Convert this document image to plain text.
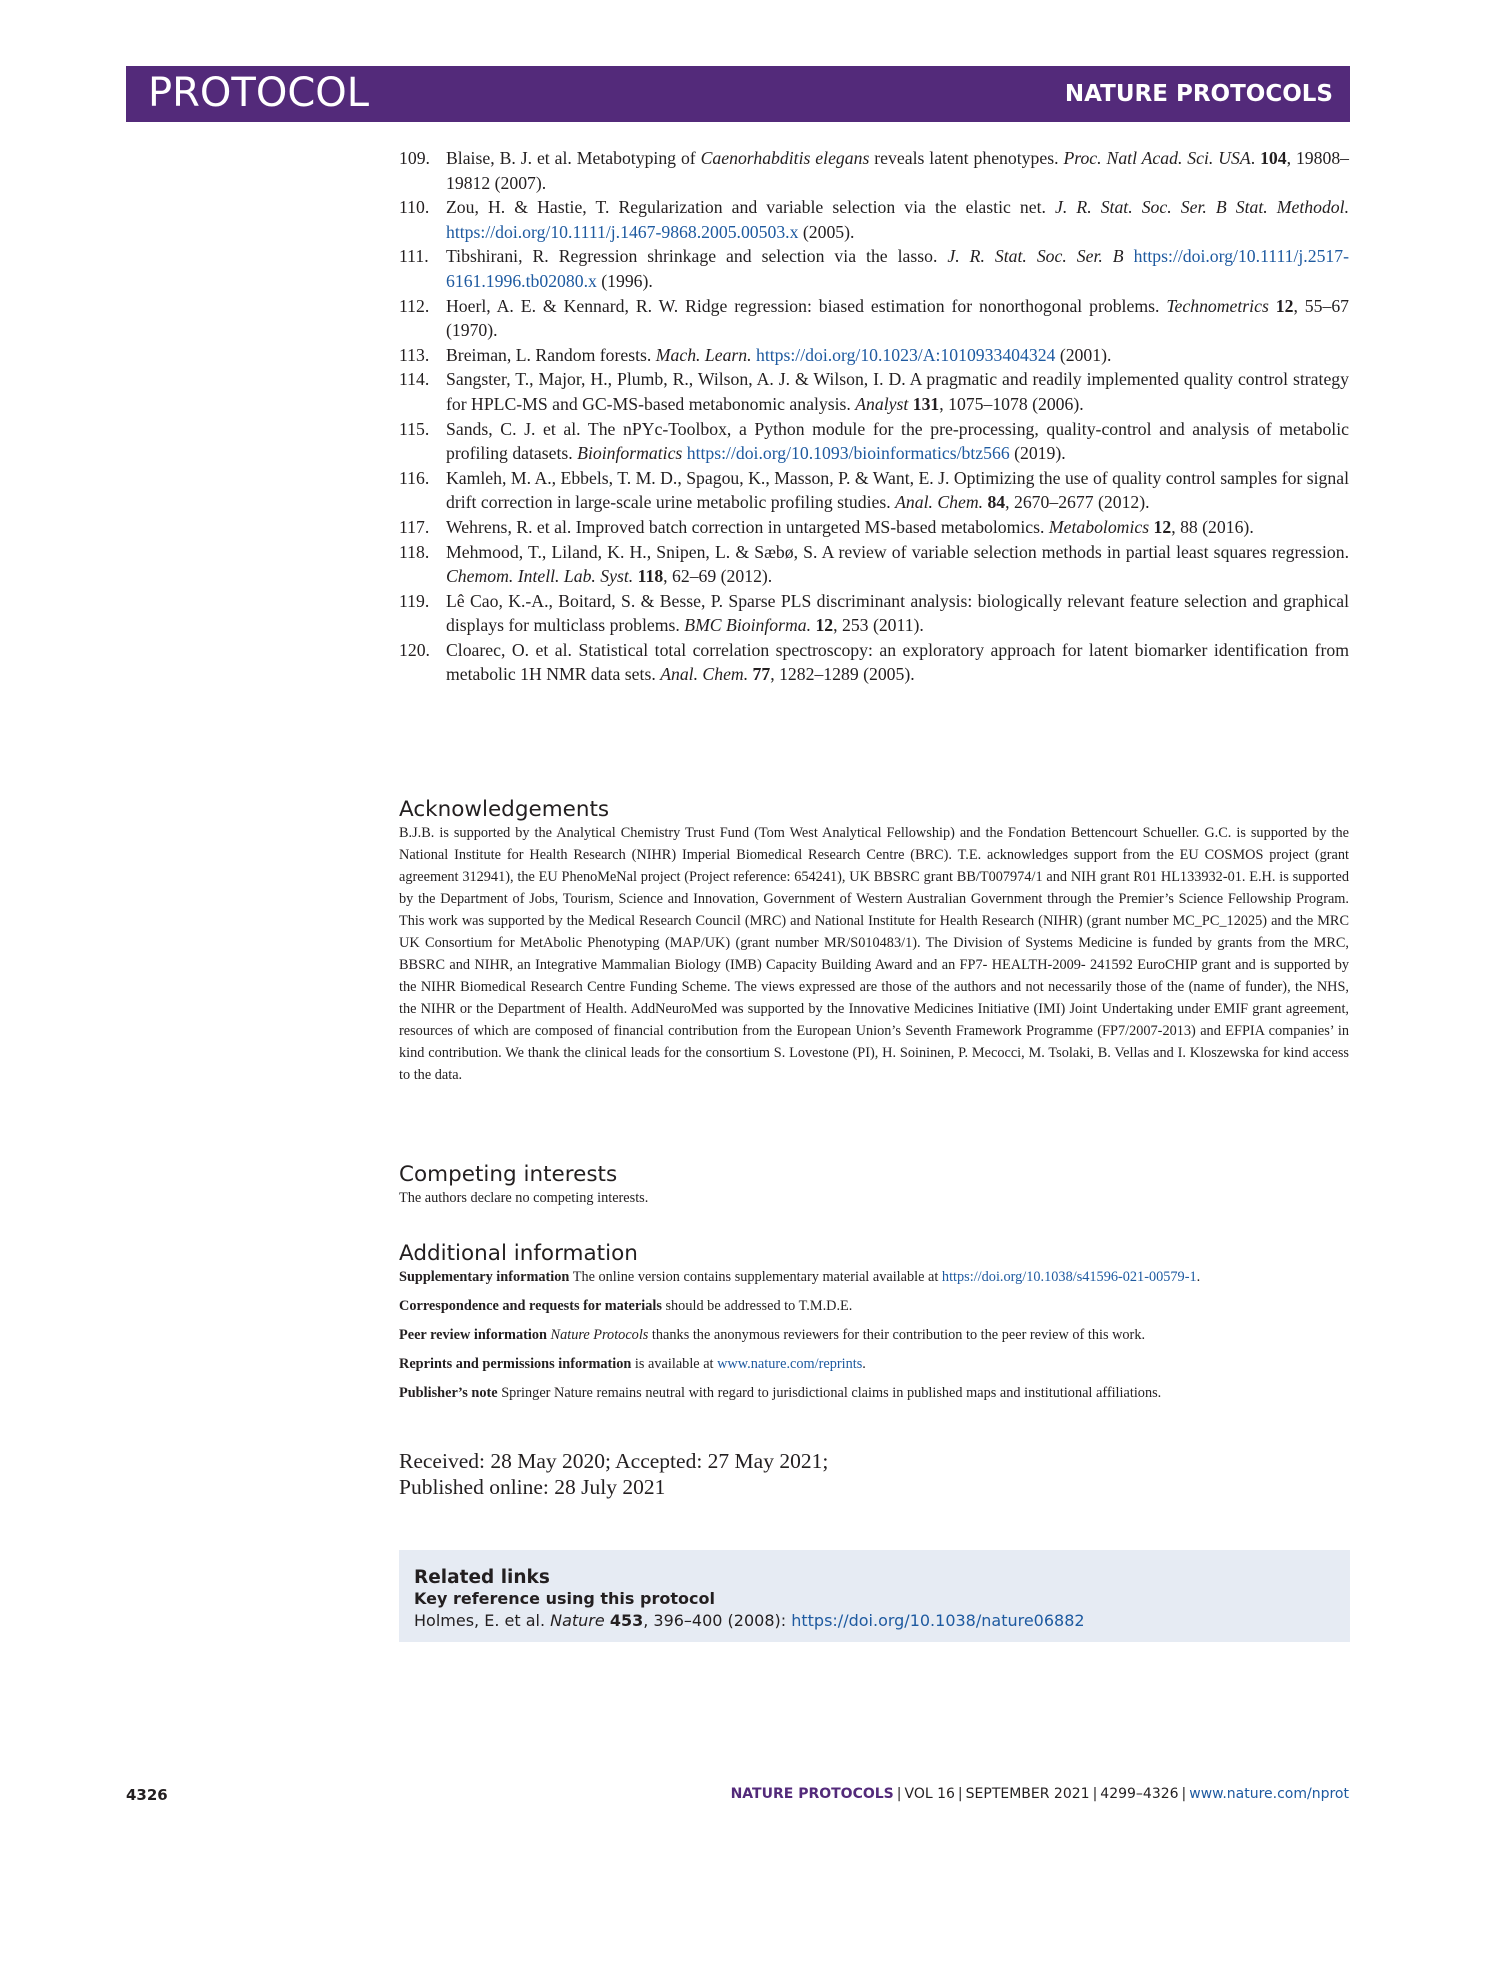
PROTOCOL	NATURE PROTOCOLS
109. Blaise, B. J. et al. Metabotyping of Caenorhabditis elegans reveals latent phenotypes. Proc. Natl Acad. Sci. USA. 104, 19808–19812 (2007).
110. Zou, H. & Hastie, T. Regularization and variable selection via the elastic net. J. R. Stat. Soc. Ser. B Stat. Methodol. https://doi.org/10.1111/j.1467-9868.2005.00503.x (2005).
111. Tibshirani, R. Regression shrinkage and selection via the lasso. J. R. Stat. Soc. Ser. B https://doi.org/10.1111/j.2517-6161.1996.tb02080.x (1996).
112. Hoerl, A. E. & Kennard, R. W. Ridge regression: biased estimation for nonorthogonal problems. Technometrics 12, 55–67 (1970).
113. Breiman, L. Random forests. Mach. Learn. https://doi.org/10.1023/A:1010933404324 (2001).
114. Sangster, T., Major, H., Plumb, R., Wilson, A. J. & Wilson, I. D. A pragmatic and readily implemented quality control strategy for HPLC-MS and GC-MS-based metabonomic analysis. Analyst 131, 1075–1078 (2006).
115. Sands, C. J. et al. The nPYc-Toolbox, a Python module for the pre-processing, quality-control and analysis of metabolic profiling datasets. Bioinformatics https://doi.org/10.1093/bioinformatics/btz566 (2019).
116. Kamleh, M. A., Ebbels, T. M. D., Spagou, K., Masson, P. & Want, E. J. Optimizing the use of quality control samples for signal drift correction in large-scale urine metabolic profiling studies. Anal. Chem. 84, 2670–2677 (2012).
117. Wehrens, R. et al. Improved batch correction in untargeted MS-based metabolomics. Metabolomics 12, 88 (2016).
118. Mehmood, T., Liland, K. H., Snipen, L. & Sæbø, S. A review of variable selection methods in partial least squares regression. Chemom. Intell. Lab. Syst. 118, 62–69 (2012).
119. Lê Cao, K.-A., Boitard, S. & Besse, P. Sparse PLS discriminant analysis: biologically relevant feature selection and graphical displays for multiclass problems. BMC Bioinforma. 12, 253 (2011).
120. Cloarec, O. et al. Statistical total correlation spectroscopy: an exploratory approach for latent biomarker identification from metabolic 1H NMR data sets. Anal. Chem. 77, 1282–1289 (2005).
Acknowledgements
B.J.B. is supported by the Analytical Chemistry Trust Fund (Tom West Analytical Fellowship) and the Fondation Bettencourt Schueller. G.C. is supported by the National Institute for Health Research (NIHR) Imperial Biomedical Research Centre (BRC). T.E. acknowledges support from the EU COSMOS project (grant agreement 312941), the EU PhenoMeNal project (Project reference: 654241), UK BBSRC grant BB/T007974/1 and NIH grant R01 HL133932-01. E.H. is supported by the Department of Jobs, Tourism, Science and Innovation, Government of Western Australian Government through the Premier’s Science Fellowship Program. This work was supported by the Medical Research Council (MRC) and National Institute for Health Research (NIHR) (grant number MC_PC_12025) and the MRC UK Consortium for MetAbolic Phenotyping (MAP/UK) (grant number MR/S010483/1). The Division of Systems Medicine is funded by grants from the MRC, BBSRC and NIHR, an Integrative Mammalian Biology (IMB) Capacity Building Award and an FP7- HEALTH-2009- 241592 EuroCHIP grant and is supported by the NIHR Biomedical Research Centre Funding Scheme. The views expressed are those of the authors and not necessarily those of the (name of funder), the NHS, the NIHR or the Department of Health. AddNeuroMed was supported by the Innovative Medicines Initiative (IMI) Joint Undertaking under EMIF grant agreement, resources of which are composed of financial contribution from the European Union’s Seventh Framework Programme (FP7/2007-2013) and EFPIA companies’ in kind contribution. We thank the clinical leads for the consortium S. Lovestone (PI), H. Soininen, P. Mecocci, M. Tsolaki, B. Vellas and I. Kloszewska for kind access to the data.
Competing interests
The authors declare no competing interests.
Additional information

Supplementary information The online version contains supplementary material available at https://doi.org/10.1038/s41596-021-00579-1.

Correspondence and requests for materials should be addressed to T.M.D.E.

Peer review information Nature Protocols thanks the anonymous reviewers for their contribution to the peer review of this work.

Reprints and permissions information is available at www.nature.com/reprints.

Publisher’s note Springer Nature remains neutral with regard to jurisdictional claims in published maps and institutional affiliations.

Received: 28 May 2020; Accepted: 27 May 2021;
Published online: 28 July 2021
Related links
Key reference using this protocol
Holmes, E. et al. Nature 453, 396–400 (2008): https://doi.org/10.1038/nature06882
4326	NATURE PROTOCOLS | VOL 16 | SEPTEMBER 2021 | 4299–4326 | www.nature.com/nprot
